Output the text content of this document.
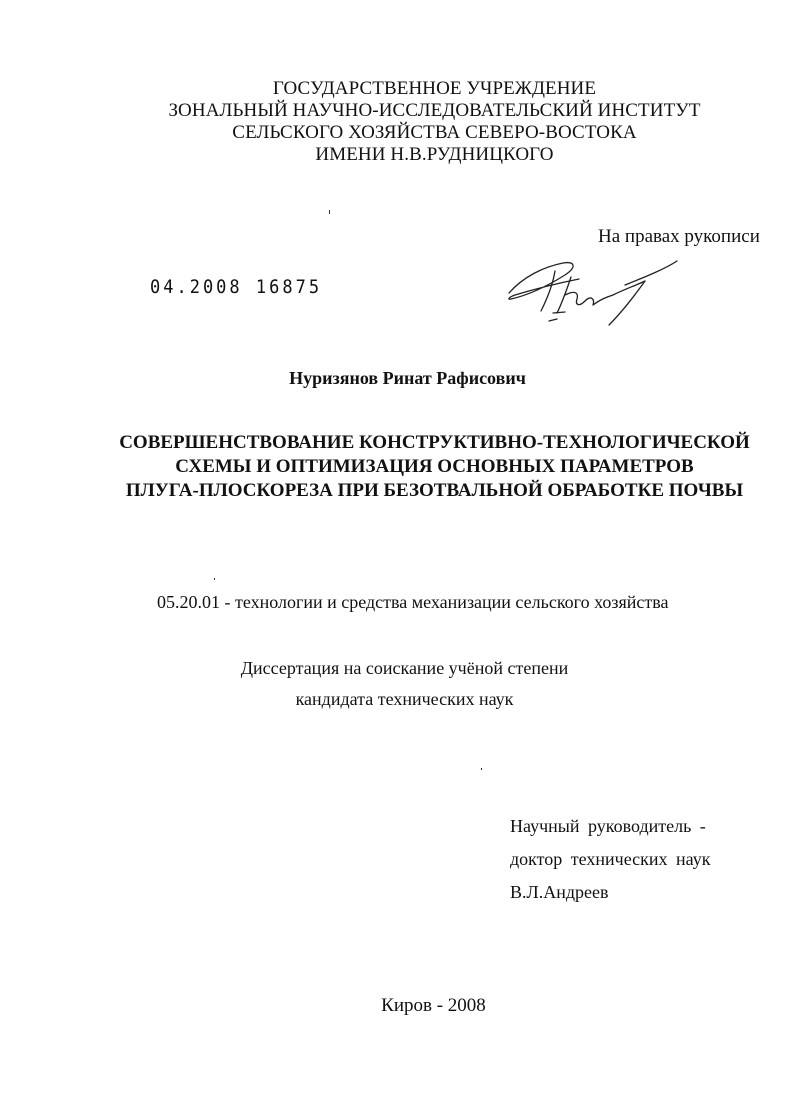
ГОСУДАРСТВЕННОЕ УЧРЕЖДЕНИЕ
ЗОНАЛЬНЫЙ НАУЧНО-ИССЛЕДОВАТЕЛЬСКИЙ ИНСТИТУТ
СЕЛЬСКОГО ХОЗЯЙСТВА СЕВЕРО-ВОСТОКА
ИМЕНИ Н.В.РУДНИЦКОГО
На правах рукописи
04.2008 16875
Нуризянов Ринат Рафисович
СОВЕРШЕНСТВОВАНИЕ КОНСТРУКТИВНО-ТЕХНОЛОГИЧЕСКОЙ
СХЕМЫ И ОПТИМИЗАЦИЯ ОСНОВНЫХ ПАРАМЕТРОВ
ПЛУГА-ПЛОСКОРЕЗА ПРИ БЕЗОТВАЛЬНОЙ ОБРАБОТКЕ ПОЧВЫ
05.20.01 - технологии и средства механизации сельского хозяйства
Диссертация на соискание учёной степени
кандидата технических наук
Научный руководитель -
доктор технических наук
В.Л.Андреев
Киров - 2008
